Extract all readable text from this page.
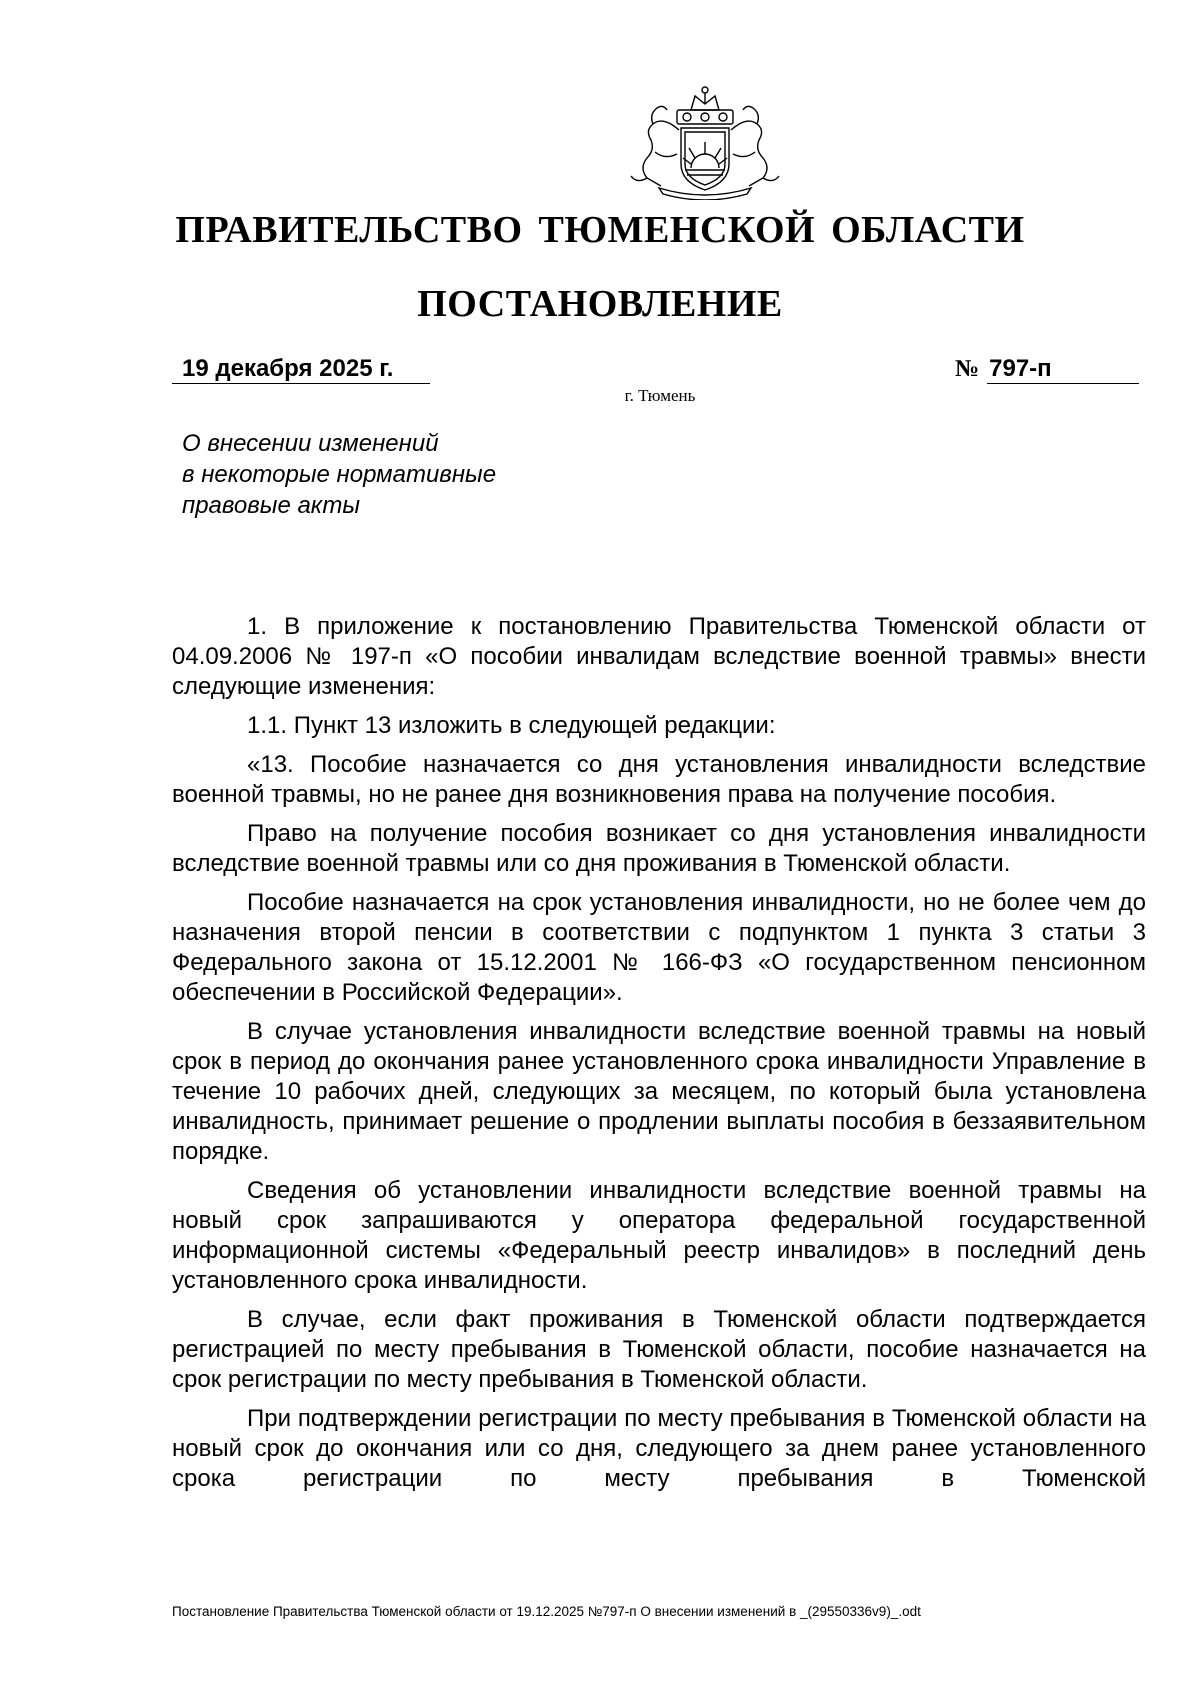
ПРАВИТЕЛЬСТВО ТЮМЕНСКОЙ ОБЛАСТИ
ПОСТАНОВЛЕНИЕ
19 декабря 2025 г.	№ 797-п
г. Тюмень
О внесении изменений
в некоторые нормативные
правовые акты

1. В приложение к постановлению Правительства Тюменской области от 04.09.2006 № 197-п «О пособии инвалидам вследствие военной травмы» внести следующие изменения:

1.1. Пункт 13 изложить в следующей редакции:

«13. Пособие назначается со дня установления инвалидности вследствие военной травмы, но не ранее дня возникновения права на получение пособия.

Право на получение пособия возникает со дня установления инвалидности вследствие военной травмы или со дня проживания в Тюменской области.

Пособие назначается на срок установления инвалидности, но не более чем до назначения второй пенсии в соответствии с подпунктом 1 пункта 3 статьи 3 Федерального закона от 15.12.2001 № 166-ФЗ «О государственном пенсионном обеспечении в Российской Федерации».

В случае установления инвалидности вследствие военной травмы на новый срок в период до окончания ранее установленного срока инвалидности Управление в течение 10 рабочих дней, следующих за месяцем, по который была установлена инвалидность, принимает решение о продлении выплаты пособия в беззаявительном порядке.

Сведения об установлении инвалидности вследствие военной травмы на новый срок запрашиваются у оператора федеральной государственной информационной системы «Федеральный реестр инвалидов» в последний день установленного срока инвалидности.

В случае, если факт проживания в Тюменской области подтверждается регистрацией по месту пребывания в Тюменской области, пособие назначается на срок регистрации по месту пребывания в Тюменской области.

При подтверждении регистрации по месту пребывания в Тюменской области на новый срок до окончания или со дня, следующего за днем ранее установленного срока регистрации по месту пребывания в Тюменской

Постановление Правительства Тюменской области от 19.12.2025 №797-п О внесении изменений в _(29550336v9)_.odt
